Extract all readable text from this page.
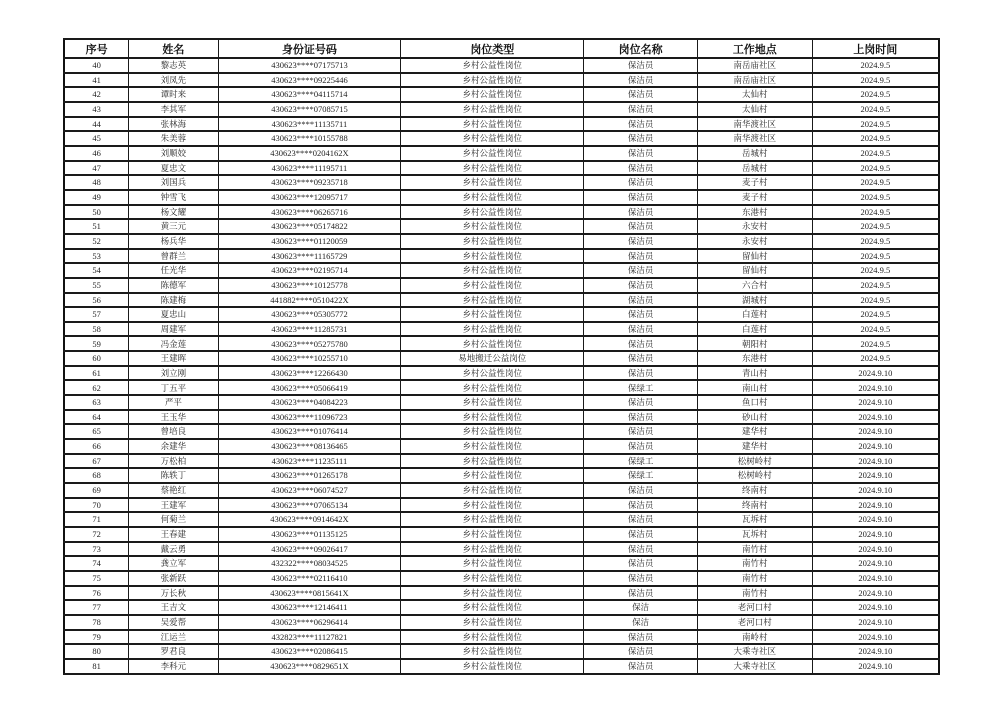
序号	姓名	身份证号码	岗位类型	岗位名称	工作地点	上岗时间
40	黎志英	430623****07175713	乡村公益性岗位	保洁员	南岳庙社区	2024.9.5
41	刘凤先	430623****09225446	乡村公益性岗位	保洁员	南岳庙社区	2024.9.5
42	谭时来	430623****04115714	乡村公益性岗位	保洁员	太仙村	2024.9.5
43	李其军	430623****07085715	乡村公益性岗位	保洁员	太仙村	2024.9.5
44	张林海	430623****11135711	乡村公益性岗位	保洁员	南华渡社区	2024.9.5
45	朱美蓉	430623****10155788	乡村公益性岗位	保洁员	南华渡社区	2024.9.5
46	刘顺姣	430623****0204162X	乡村公益性岗位	保洁员	岳城村	2024.9.5
47	夏忠文	430623****11195711	乡村公益性岗位	保洁员	岳城村	2024.9.5
48	刘国兵	430623****09235718	乡村公益性岗位	保洁员	麦子村	2024.9.5
49	钟雪飞	430623****12095717	乡村公益性岗位	保洁员	麦子村	2024.9.5
50	杨文耀	430623****06265716	乡村公益性岗位	保洁员	东港村	2024.9.5
51	黄三元	430623****05174822	乡村公益性岗位	保洁员	永安村	2024.9.5
52	杨兵华	430623****01120059	乡村公益性岗位	保洁员	永安村	2024.9.5
53	曾群兰	430623****11165729	乡村公益性岗位	保洁员	留仙村	2024.9.5
54	任光华	430623****02195714	乡村公益性岗位	保洁员	留仙村	2024.9.5
55	陈德军	430623****10125778	乡村公益性岗位	保洁员	六合村	2024.9.5
56	陈建梅	441882****0510422X	乡村公益性岗位	保洁员	湖城村	2024.9.5
57	夏忠山	430623****05305772	乡村公益性岗位	保洁员	白莲村	2024.9.5
58	周建军	430623****11285731	乡村公益性岗位	保洁员	白莲村	2024.9.5
59	冯金莲	430623****05275780	乡村公益性岗位	保洁员	朝阳村	2024.9.5
60	王建晖	430623****10255710	易地搬迁公益岗位	保洁员	东港村	2024.9.5
61	刘立刚	430623****12266430	乡村公益性岗位	保洁员	青山村	2024.9.10
62	丁五平	430623****05066419	乡村公益性岗位	保绿工	南山村	2024.9.10
63	严平	430623****04084223	乡村公益性岗位	保洁员	鱼口村	2024.9.10
64	王玉华	430623****11096723	乡村公益性岗位	保洁员	砂山村	2024.9.10
65	曾培良	430623****01076414	乡村公益性岗位	保洁员	建华村	2024.9.10
66	余建华	430623****08136465	乡村公益性岗位	保洁员	建华村	2024.9.10
67	万松柏	430623****11235111	乡村公益性岗位	保绿工	松树岭村	2024.9.10
68	陈轶丁	430623****01265178	乡村公益性岗位	保绿工	松树岭村	2024.9.10
69	蔡艳红	430623****06074527	乡村公益性岗位	保洁员	终南村	2024.9.10
70	王建军	430623****07065134	乡村公益性岗位	保洁员	终南村	2024.9.10
71	何菊兰	430623****0914642X	乡村公益性岗位	保洁员	瓦坼村	2024.9.10
72	王春建	430623****01135125	乡村公益性岗位	保洁员	瓦坼村	2024.9.10
73	戴云勇	430623****09026417	乡村公益性岗位	保洁员	南竹村	2024.9.10
74	龚立军	432322****08034525	乡村公益性岗位	保洁员	南竹村	2024.9.10
75	张新跃	430623****02116410	乡村公益性岗位	保洁员	南竹村	2024.9.10
76	万长秋	430623****0815641X	乡村公益性岗位	保洁员	南竹村	2024.9.10
77	王吉文	430623****12146411	乡村公益性岗位	保洁	老河口村	2024.9.10
78	吴爱帮	430623****06296414	乡村公益性岗位	保洁	老河口村	2024.9.10
79	江运兰	432823****11127821	乡村公益性岗位	保洁员	南岭村	2024.9.10
80	罗君良	430623****02086415	乡村公益性岗位	保洁员	大乘寺社区	2024.9.10
81	李科元	430623****0829651X	乡村公益性岗位	保洁员	大乘寺社区	2024.9.10
